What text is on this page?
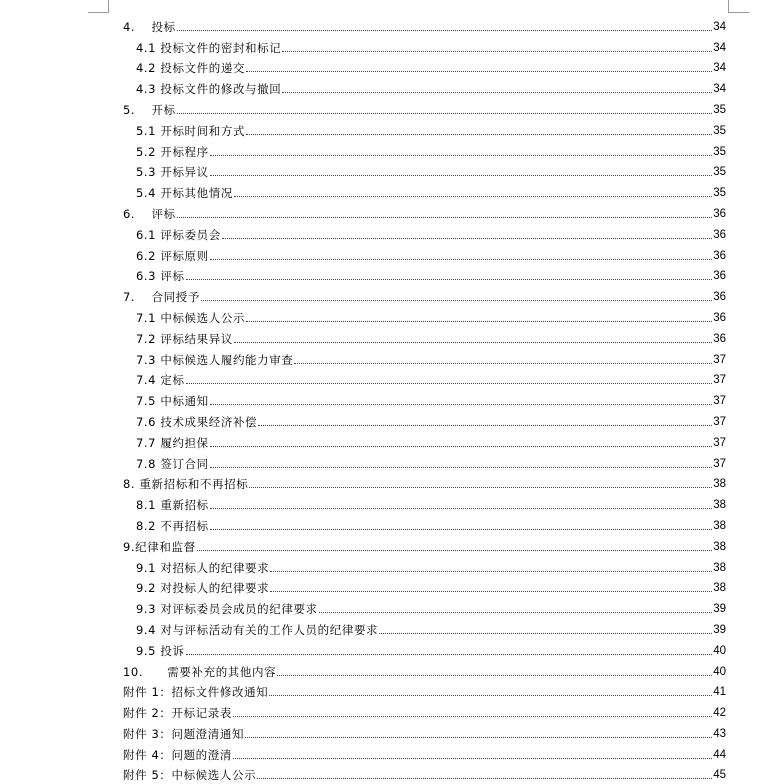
4.　 投标	34
4.1 投标文件的密封和标记	34
4.2 投标文件的递交	34
4.3 投标文件的修改与撤回	34
5.　 开标	35
5.1 开标时间和方式	35
5.2 开标程序	35
5.3 开标异议	35
5.4 开标其他情况	35
6.　 评标	36
6.1 评标委员会	36
6.2 评标原则	36
6.3 评标	36
7.　 合同授予	36
7.1 中标候选人公示	36
7.2 评标结果异议	36
7.3 中标候选人履约能力审查	37
7.4 定标	37
7.5 中标通知	37
7.6 技术成果经济补偿	37
7.7 履约担保	37
7.8 签订合同	37
8. 重新招标和不再招标	38
8.1 重新招标	38
8.2 不再招标	38
9.纪律和监督	38
9.1 对招标人的纪律要求	38
9.2 对投标人的纪律要求	38
9.3 对评标委员会成员的纪律要求	39
9.4 对与评标活动有关的工作人员的纪律要求	39
9.5 投诉	40
10.　　需要补充的其他内容	40
附件 1：招标文件修改通知	41
附件 2：开标记录表	42
附件 3：问题澄清通知	43
附件 4：问题的澄清	44
附件 5：中标候选人公示	45
